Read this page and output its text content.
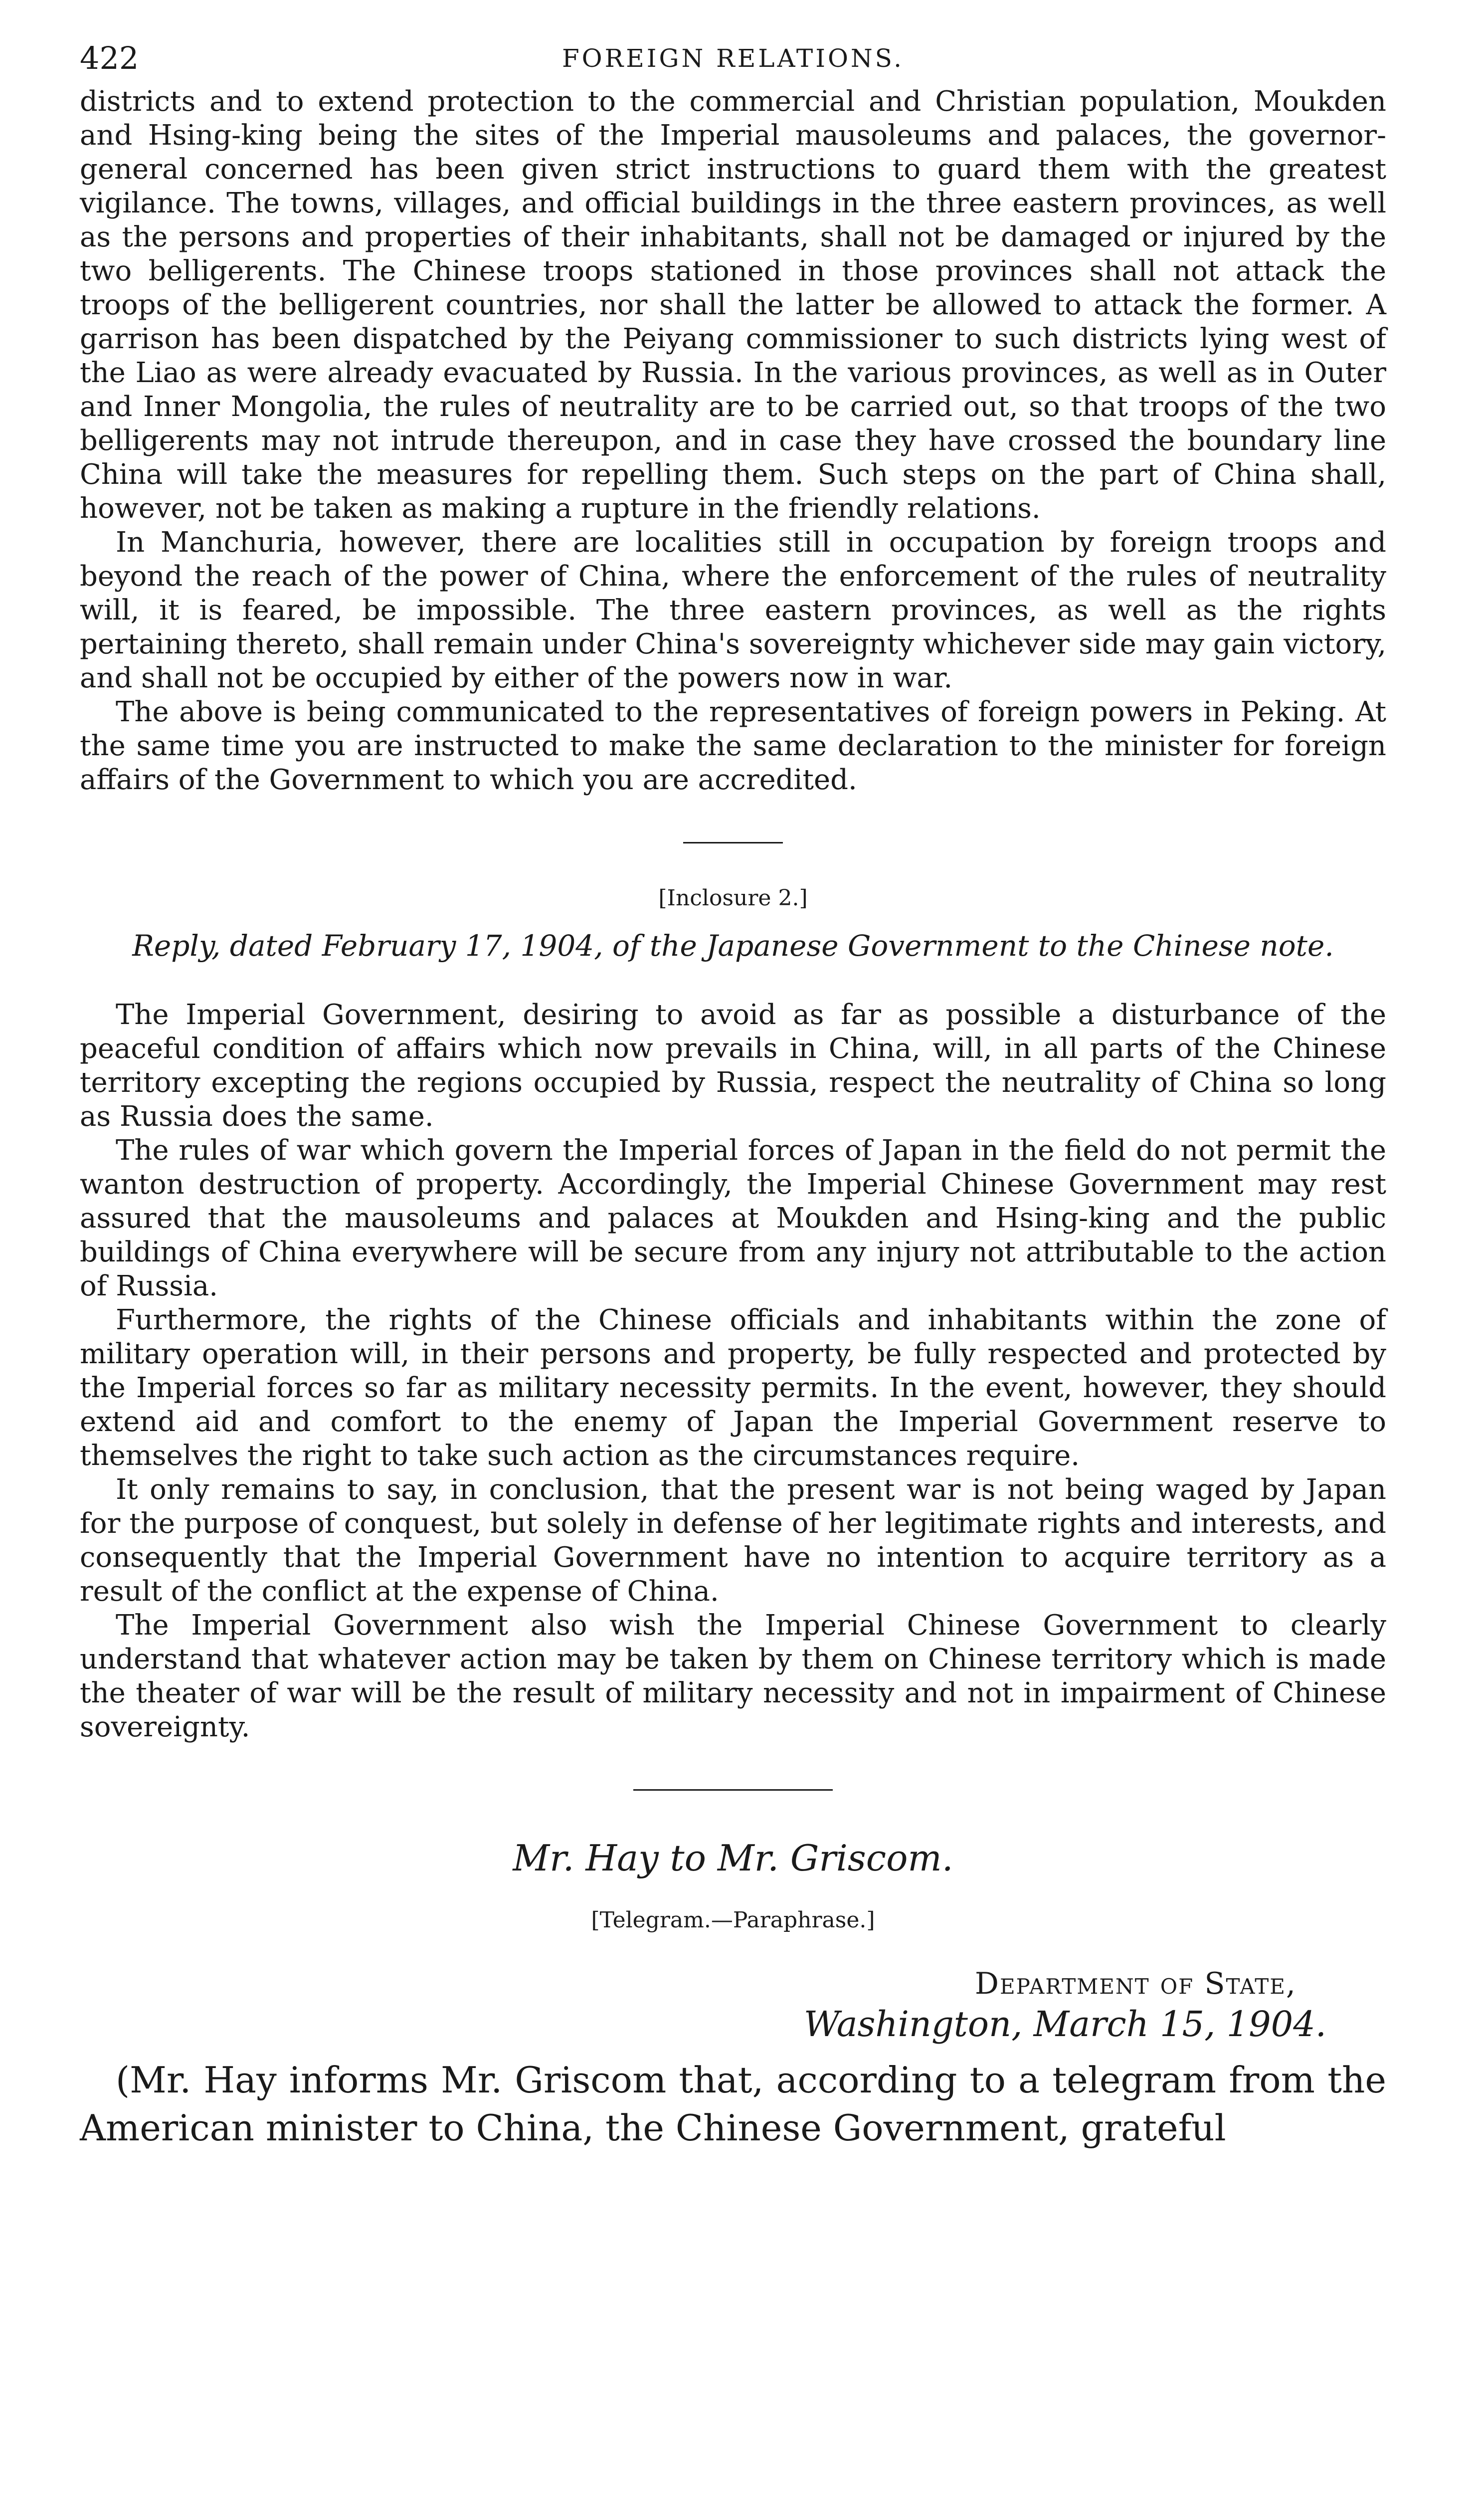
422	FOREIGN RELATIONS.

districts and to extend protection to the commercial and Christian population, Moukden and Hsing-king being the sites of the Imperial mausoleums and palaces, the governor-general concerned has been given strict instructions to guard them with the greatest vigilance. The towns, villages, and official buildings in the three eastern provinces, as well as the persons and properties of their inhabitants, shall not be damaged or injured by the two belligerents. The Chinese troops stationed in those provinces shall not attack the troops of the belligerent countries, nor shall the latter be allowed to attack the former. A garrison has been dispatched by the Peiyang commissioner to such districts lying west of the Liao as were already evacuated by Russia. In the various provinces, as well as in Outer and Inner Mongolia, the rules of neutrality are to be carried out, so that troops of the two belligerents may not intrude thereupon, and in case they have crossed the boundary line China will take the measures for repelling them. Such steps on the part of China shall, however, not be taken as making a rupture in the friendly relations.

In Manchuria, however, there are localities still in occupation by foreign troops and beyond the reach of the power of China, where the enforcement of the rules of neutrality will, it is feared, be impossible. The three eastern provinces, as well as the rights pertaining thereto, shall remain under China's sovereignty whichever side may gain victory, and shall not be occupied by either of the powers now in war.

The above is being communicated to the representatives of foreign powers in Peking. At the same time you are instructed to make the same declaration to the minister for foreign affairs of the Government to which you are accredited.

[Inclosure 2.]
Reply, dated February 17, 1904, of the Japanese Government to the Chinese note.

The Imperial Government, desiring to avoid as far as possible a disturbance of the peaceful condition of affairs which now prevails in China, will, in all parts of the Chinese territory excepting the regions occupied by Russia, respect the neutrality of China so long as Russia does the same.

The rules of war which govern the Imperial forces of Japan in the field do not permit the wanton destruction of property. Accordingly, the Imperial Chinese Government may rest assured that the mausoleums and palaces at Moukden and Hsing-king and the public buildings of China everywhere will be secure from any injury not attributable to the action of Russia.

Furthermore, the rights of the Chinese officials and inhabitants within the zone of military operation will, in their persons and property, be fully respected and protected by the Imperial forces so far as military necessity permits. In the event, however, they should extend aid and comfort to the enemy of Japan the Imperial Government reserve to themselves the right to take such action as the circumstances require.

It only remains to say, in conclusion, that the present war is not being waged by Japan for the purpose of conquest, but solely in defense of her legitimate rights and interests, and consequently that the Imperial Government have no intention to acquire territory as a result of the conflict at the expense of China.

The Imperial Government also wish the Imperial Chinese Government to clearly understand that whatever action may be taken by them on Chinese territory which is made the theater of war will be the result of military necessity and not in impairment of Chinese sovereignty.

Mr. Hay to Mr. Griscom.
[Telegram.—Paraphrase.]
Department of State,
Washington, March 15, 1904.

(Mr. Hay informs Mr. Griscom that, according to a telegram from the American minister to China, the Chinese Government, grateful
